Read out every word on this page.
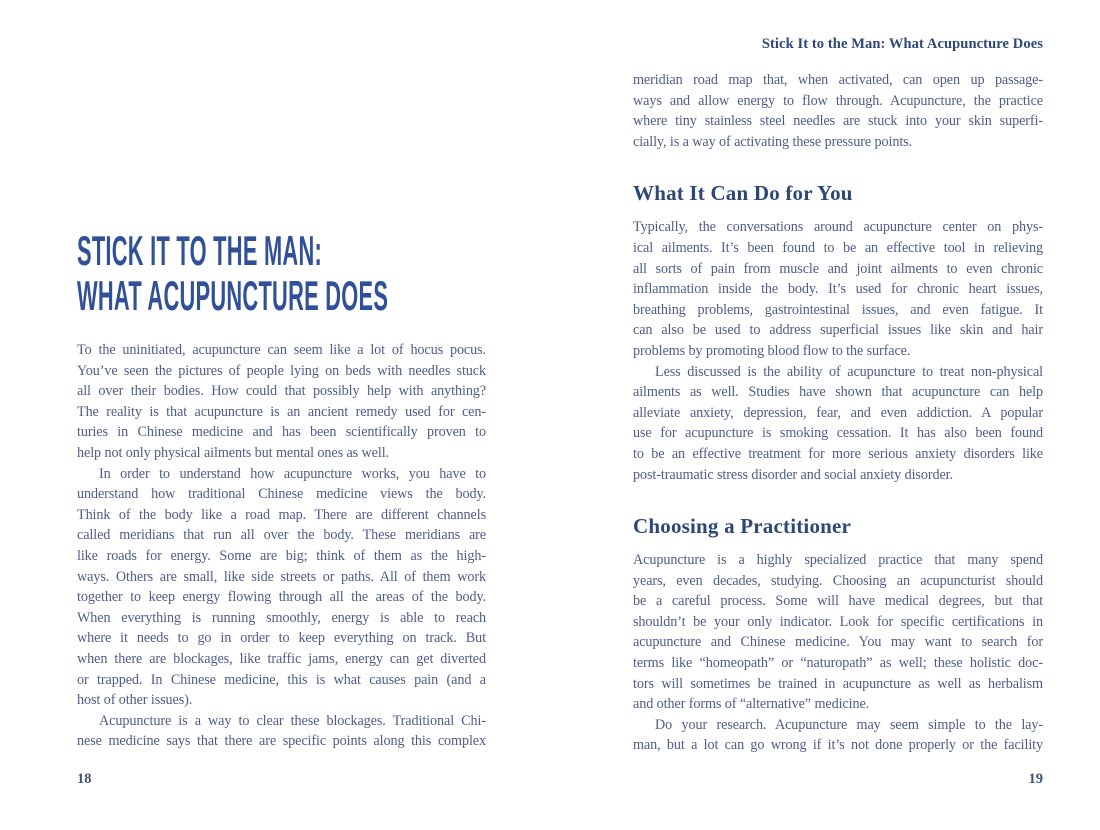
STICK IT TO THE MAN:
WHAT ACUPUNCTURE DOES
To the uninitiated, acupuncture can seem like a lot of hocus pocus.
You’ve seen the pictures of people lying on beds with needles stuck
all over their bodies. How could that possibly help with anything?
The reality is that acupuncture is an ancient remedy used for cen-
turies in Chinese medicine and has been scientifically proven to
help not only physical ailments but mental ones as well.
In order to understand how acupuncture works, you have to
understand how traditional Chinese medicine views the body.
Think of the body like a road map. There are different channels
called meridians that run all over the body. These meridians are
like roads for energy. Some are big; think of them as the high-
ways. Others are small, like side streets or paths. All of them work
together to keep energy flowing through all the areas of the body.
When everything is running smoothly, energy is able to reach
where it needs to go in order to keep everything on track. But
when there are blockages, like traffic jams, energy can get diverted
or trapped. In Chinese medicine, this is what causes pain (and a
host of other issues).
Acupuncture is a way to clear these blockages. Traditional Chi-
nese medicine says that there are specific points along this complex
18
Stick It to the Man: What Acupuncture Does
meridian road map that, when activated, can open up passage-
ways and allow energy to flow through. Acupuncture, the practice
where tiny stainless steel needles are stuck into your skin superfi-
cially, is a way of activating these pressure points.
What It Can Do for You
Typically, the conversations around acupuncture center on phys-
ical ailments. It’s been found to be an effective tool in relieving
all sorts of pain from muscle and joint ailments to even chronic
inflammation inside the body. It’s used for chronic heart issues,
breathing problems, gastrointestinal issues, and even fatigue. It
can also be used to address superficial issues like skin and hair
problems by promoting blood flow to the surface.
Less discussed is the ability of acupuncture to treat non-physical
ailments as well. Studies have shown that acupuncture can help
alleviate anxiety, depression, fear, and even addiction. A popular
use for acupuncture is smoking cessation. It has also been found
to be an effective treatment for more serious anxiety disorders like
post-traumatic stress disorder and social anxiety disorder.
Choosing a Practitioner
Acupuncture is a highly specialized practice that many spend
years, even decades, studying. Choosing an acupuncturist should
be a careful process. Some will have medical degrees, but that
shouldn’t be your only indicator. Look for specific certifications in
acupuncture and Chinese medicine. You may want to search for
terms like “homeopath” or “naturopath” as well; these holistic doc-
tors will sometimes be trained in acupuncture as well as herbalism
and other forms of “alternative” medicine.
Do your research. Acupuncture may seem simple to the lay-
man, but a lot can go wrong if it’s not done properly or the facility
19
